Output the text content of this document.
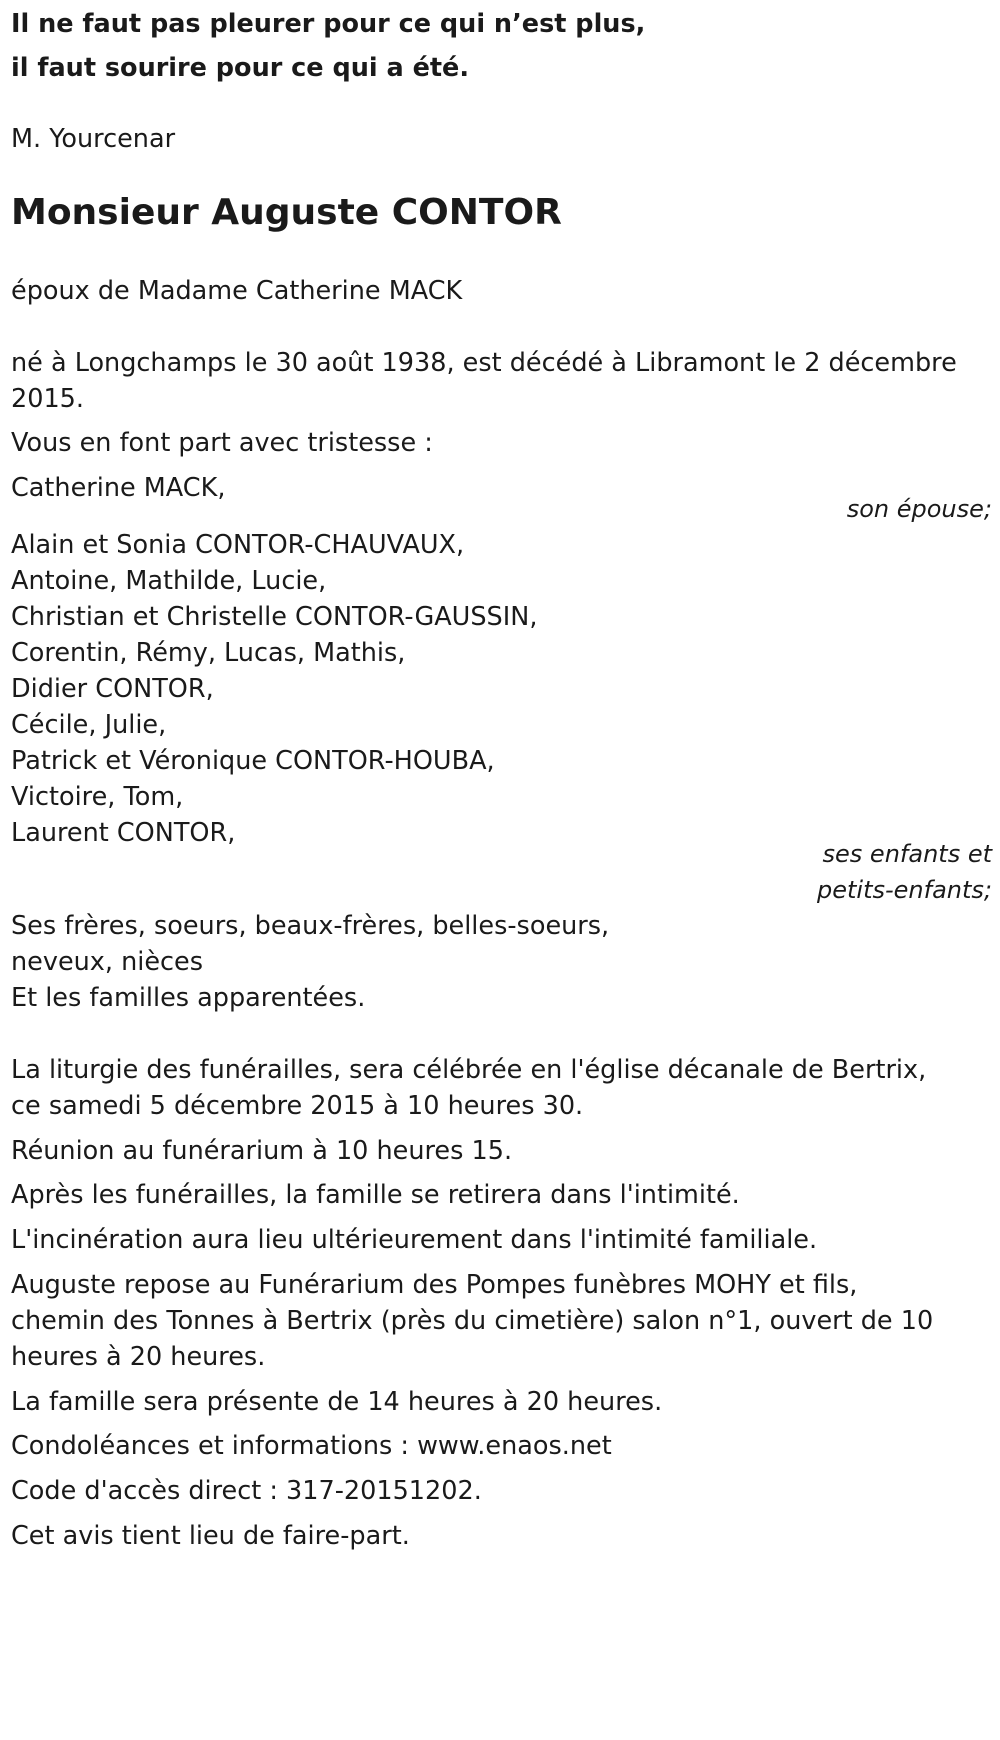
Il ne faut pas pleurer pour ce qui n’est plus,

il faut sourire pour ce qui a été.

M. Yourcenar

Monsieur Auguste CONTOR

époux de Madame Catherine MACK

né à Longchamps le 30 août 1938, est décédé à Libramont le 2 décembre

2015.

Vous en font part avec tristesse :

Catherine MACK,

son épouse;

Alain et Sonia CONTOR-CHAUVAUX,

Antoine, Mathilde, Lucie,

Christian et Christelle CONTOR-GAUSSIN,

Corentin, Rémy, Lucas, Mathis,

Didier CONTOR,

Cécile, Julie,

Patrick et Véronique CONTOR-HOUBA,

Victoire, Tom,

Laurent CONTOR,

ses enfants et

petits-enfants;

Ses frères, soeurs, beaux-frères, belles-soeurs,

neveux, nièces

Et les familles apparentées.

La liturgie des funérailles, sera célébrée en l'église décanale de Bertrix,

ce samedi 5 décembre 2015 à 10 heures 30.

Réunion au funérarium à 10 heures 15.

Après les funérailles, la famille se retirera dans l'intimité.

L'incinération aura lieu ultérieurement dans l'intimité familiale.

Auguste repose au Funérarium des Pompes funèbres MOHY et fils,

chemin des Tonnes à Bertrix (près du cimetière) salon n°1, ouvert de 10

heures à 20 heures.

La famille sera présente de 14 heures à 20 heures.

Condoléances et informations : www.enaos.net

Code d'accès direct : 317-20151202.

Cet avis tient lieu de faire-part.
